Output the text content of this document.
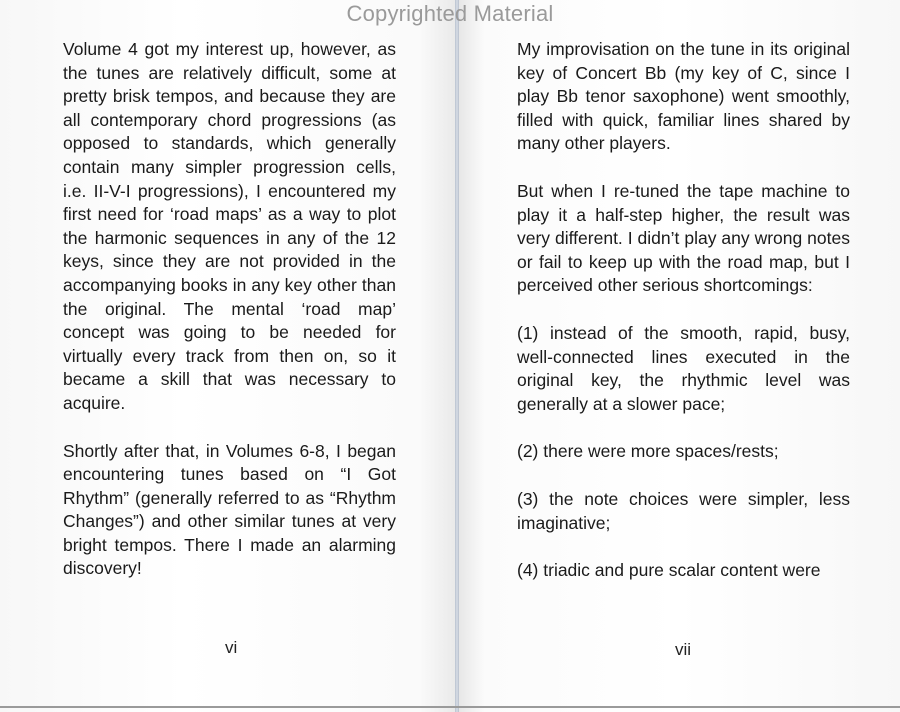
Volume 4 got my interest up, however, as the tunes are relatively difficult, some at pretty brisk tempos, and because they are all contemporary chord progressions (as opposed to standards, which generally contain many simpler progression cells, i.e. II-V-I progressions), I encountered my first need for ‘road maps’ as a way to plot the harmonic sequences in any of the 12 keys, since they are not provided in the accompanying books in any key other than the original. The mental ‘road map’ concept was going to be needed for virtually every track from then on, so it became a skill that was necessary to acquire.

Shortly after that, in Volumes 6-8, I began encountering tunes based on “I Got Rhythm” (generally referred to as “Rhythm Changes”) and other similar tunes at very bright tempos. There I made an alarming discovery!

vi

My improvisation on the tune in its original key of Concert Bb (my key of C, since I play Bb tenor saxophone) went smoothly, filled with quick, familiar lines shared by many other players.

But when I re-tuned the tape machine to play it a half-step higher, the result was very different. I didn’t play any wrong notes or fail to keep up with the road map, but I perceived other serious shortcomings:

(1) instead of the smooth, rapid, busy, well-connected lines executed in the original key, the rhythmic level was generally at a slower pace;

(2) there were more spaces/rests;

(3) the note choices were simpler, less imaginative;

(4) triadic and pure scalar content were

vii
Copyrighted Material
